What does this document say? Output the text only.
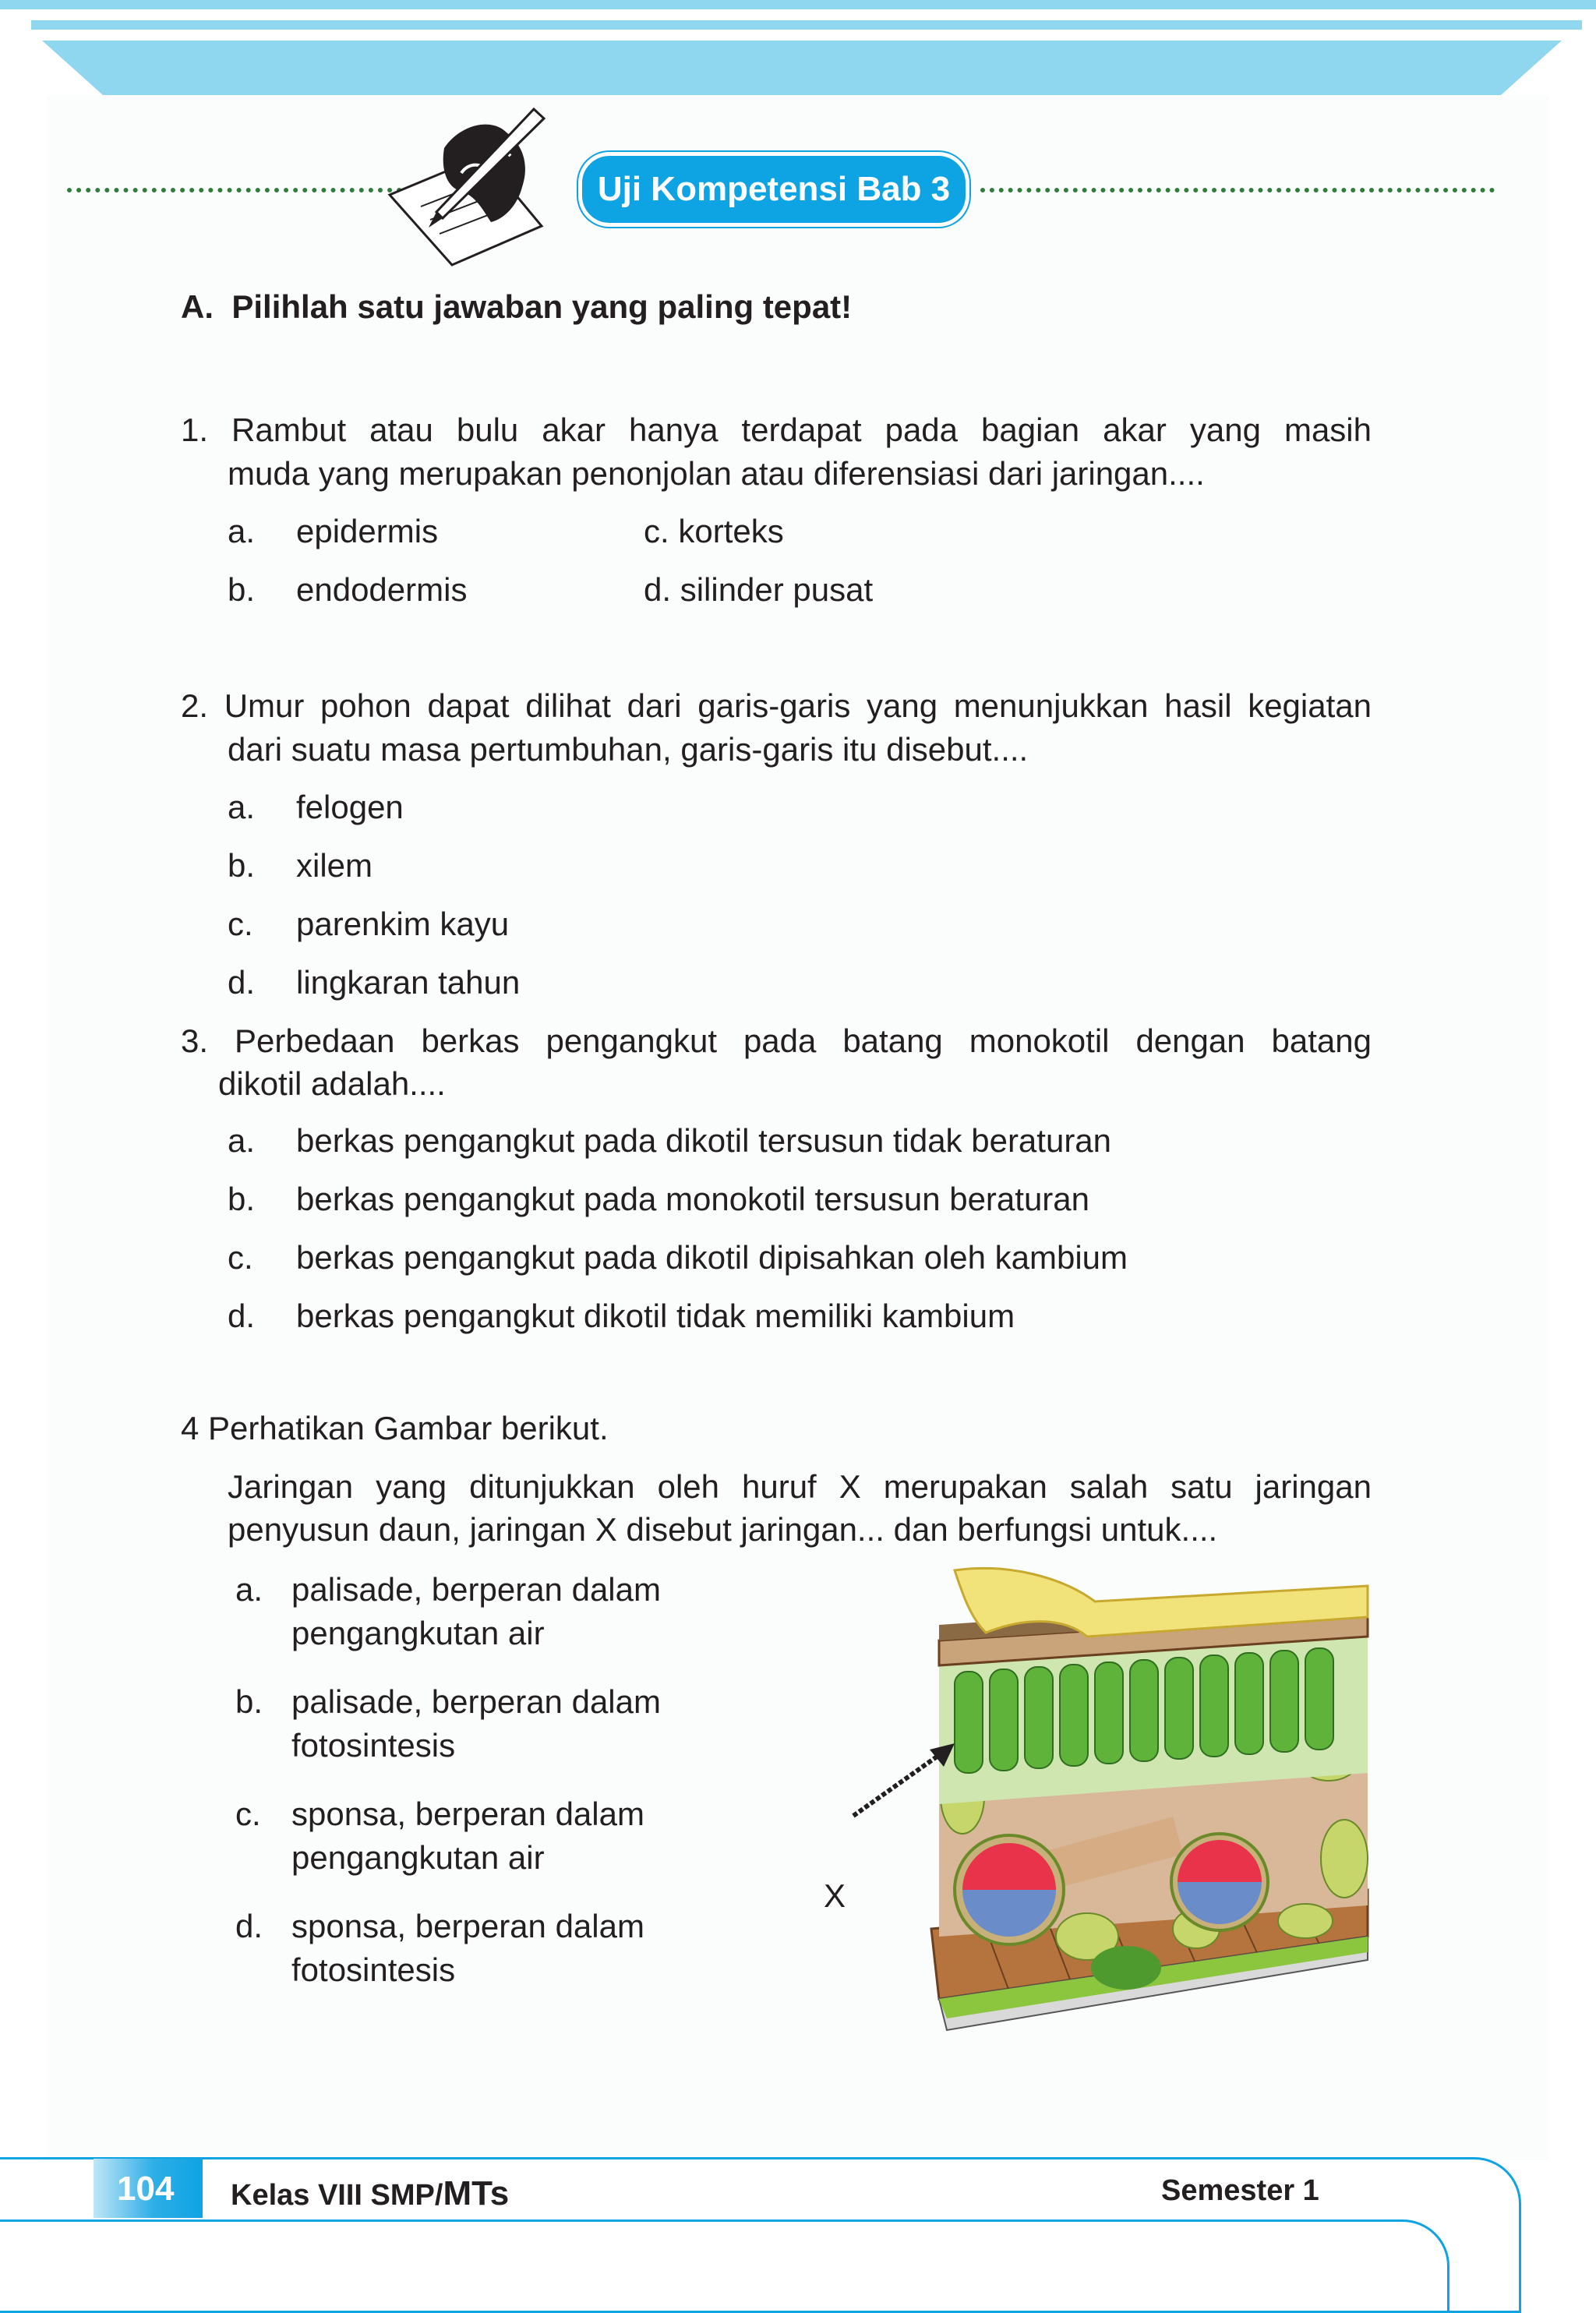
Uji Kompetensi Bab 3
A. Pilihlah satu jawaban yang paling tepat!
1. Rambut atau bulu akar hanya terdapat pada bagian akar yang masih
muda yang merupakan penonjolan atau diferensiasi dari jaringan....
a. epidermis
b. endodermis
c. korteks
d. silinder pusat
2. Umur pohon dapat dilihat dari garis-garis yang menunjukkan hasil kegiatan
dari suatu masa pertumbuhan, garis-garis itu disebut....
a. felogen
b. xilem
c. parenkim kayu
d. lingkaran tahun
3. Perbedaan berkas pengangkut pada batang monokotil dengan batang
dikotil adalah....
a. berkas pengangkut pada dikotil tersusun tidak beraturan
b. berkas pengangkut pada monokotil tersusun beraturan
c. berkas pengangkut pada dikotil dipisahkan oleh kambium
d. berkas pengangkut dikotil tidak memiliki kambium
4 Perhatikan Gambar berikut.
Jaringan yang ditunjukkan oleh huruf X merupakan salah satu jaringan
penyusun daun, jaringan X disebut jaringan... dan berfungsi untuk....
a. palisade, berperan dalam
pengangkutan air
b. palisade, berperan dalam
fotosintesis
c. sponsa, berperan dalam
pengangkutan air
d. sponsa, berperan dalam
fotosintesis
X
104 Kelas VIII SMP/MTs	Semester 1
